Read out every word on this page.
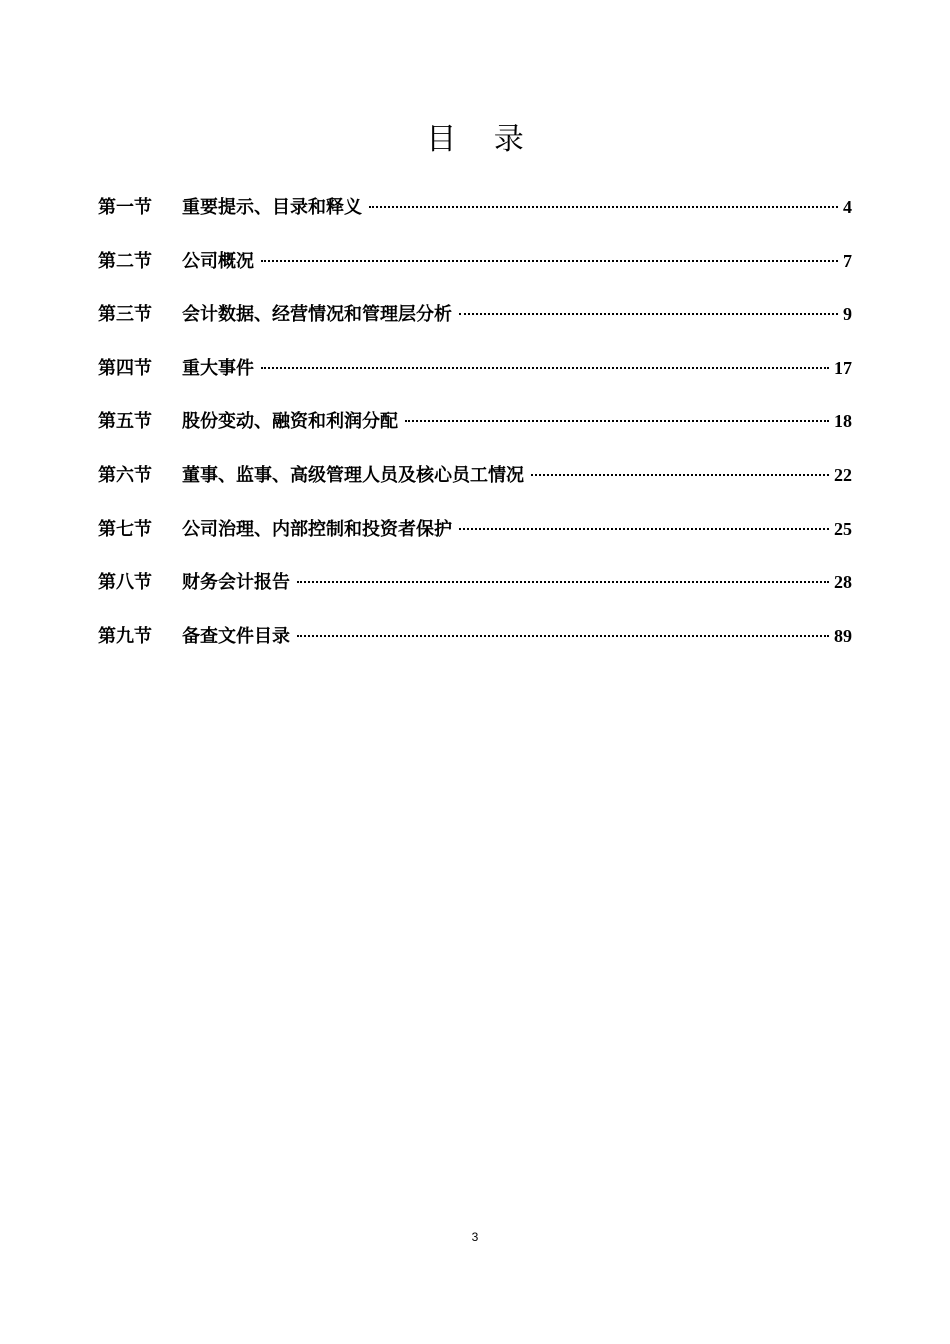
目 录
第一节	重要提示、目录和释义	4
第二节	公司概况	7
第三节	会计数据、经营情况和管理层分析	9
第四节	重大事件	17
第五节	股份变动、融资和利润分配	18
第六节	董事、监事、高级管理人员及核心员工情况	22
第七节	公司治理、内部控制和投资者保护	25
第八节	财务会计报告	28
第九节	备查文件目录	89
3
